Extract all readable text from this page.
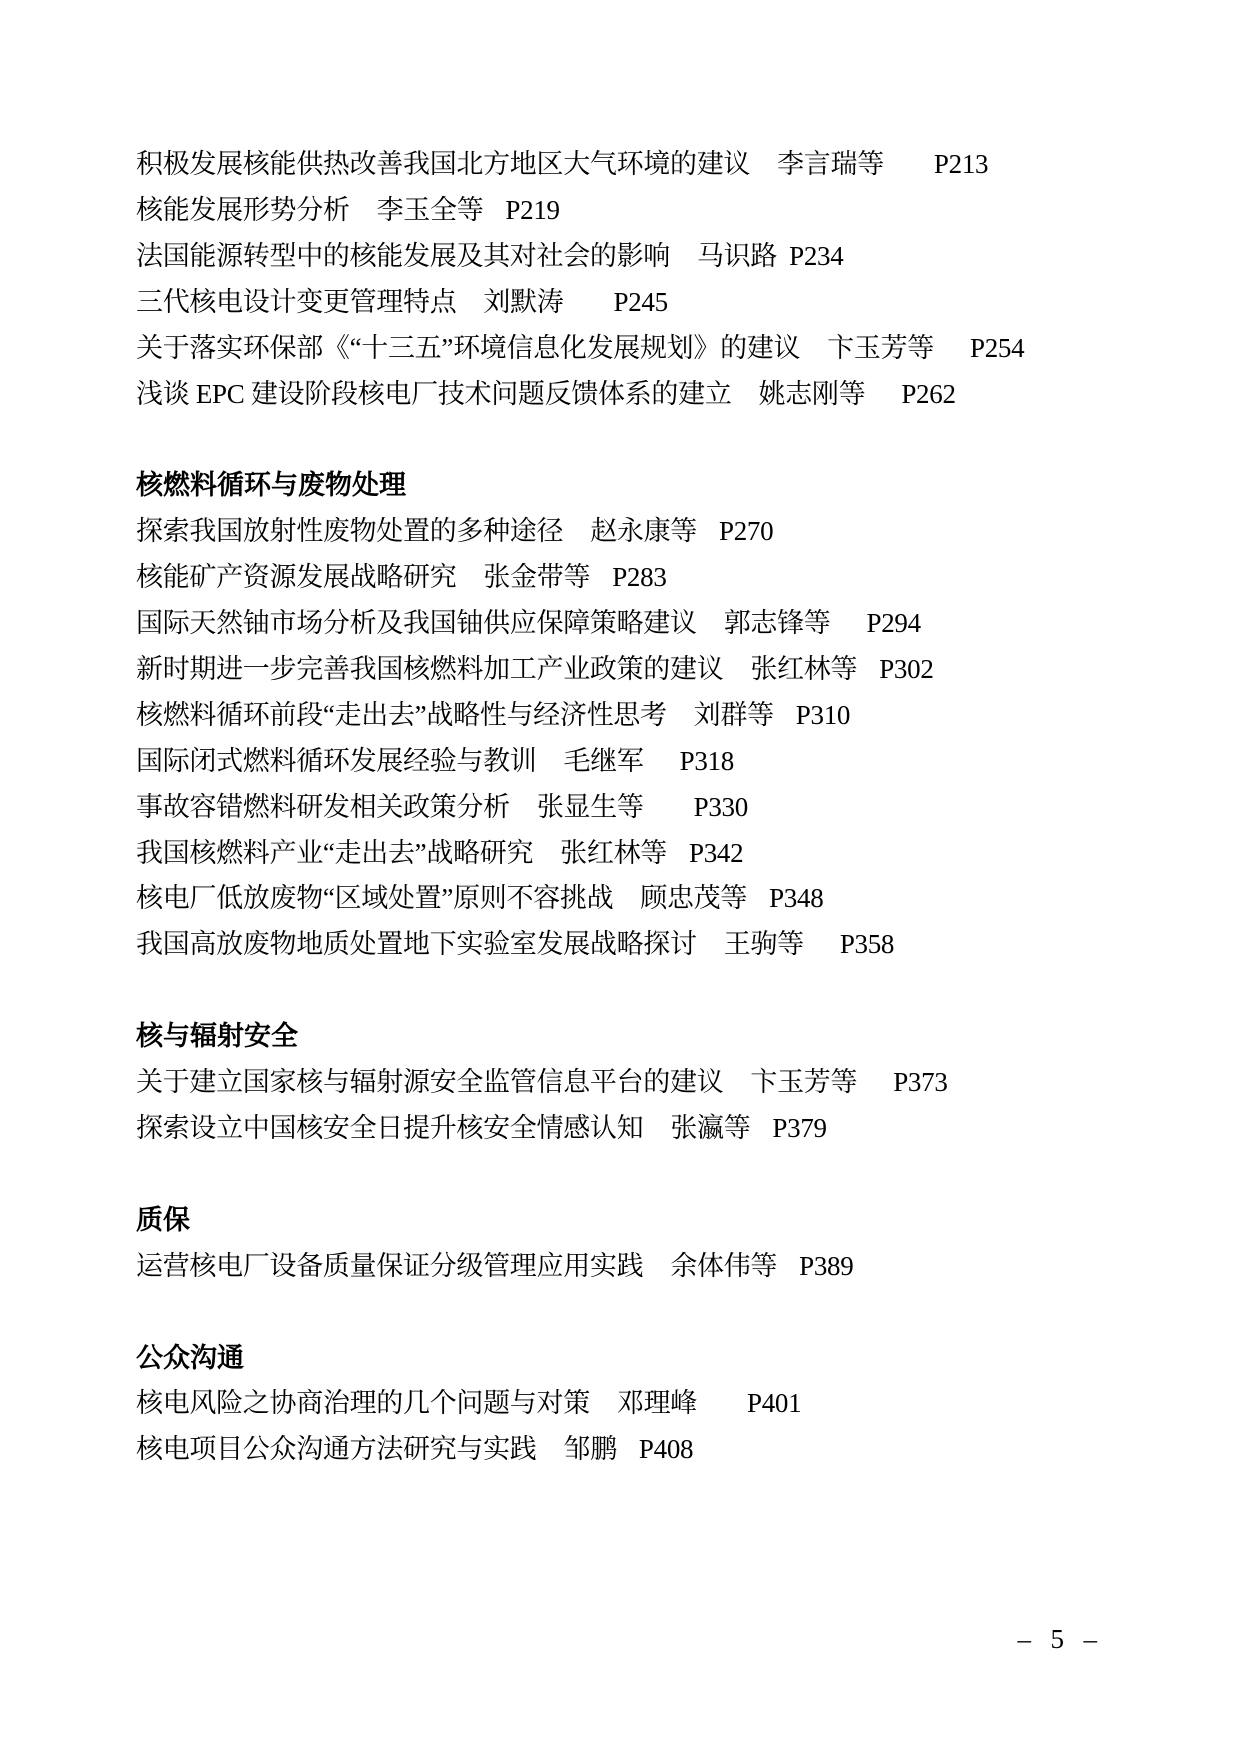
积极发展核能供热改善我国北方地区大气环境的建议 李言瑞等 P213
核能发展形势分析 李玉全等 P219
法国能源转型中的核能发展及其对社会的影响 马识路 P234
三代核电设计变更管理特点 刘默涛 P245
关于落实环保部《“十三五”环境信息化发展规划》的建议 卞玉芳等 P254
浅谈 EPC 建设阶段核电厂技术问题反馈体系的建立 姚志刚等 P262
核燃料循环与废物处理
探索我国放射性废物处置的多种途径 赵永康等 P270
核能矿产资源发展战略研究 张金带等 P283
国际天然铀市场分析及我国铀供应保障策略建议 郭志锋等 P294
新时期进一步完善我国核燃料加工产业政策的建议 张红林等 P302
核燃料循环前段“走出去”战略性与经济性思考 刘群等 P310
国际闭式燃料循环发展经验与教训 毛继军 P318
事故容错燃料研发相关政策分析 张显生等 P330
我国核燃料产业“走出去”战略研究 张红林等 P342
核电厂低放废物“区域处置”原则不容挑战 顾忠茂等 P348
我国高放废物地质处置地下实验室发展战略探讨 王驹等 P358
核与辐射安全
关于建立国家核与辐射源安全监管信息平台的建议 卞玉芳等 P373
探索设立中国核安全日提升核安全情感认知 张瀛等 P379
质保
运营核电厂设备质量保证分级管理应用实践 余体伟等 P389
公众沟通
核电风险之协商治理的几个问题与对策 邓理峰 P401
核电项目公众沟通方法研究与实践 邹鹏 P408

–  5  –
